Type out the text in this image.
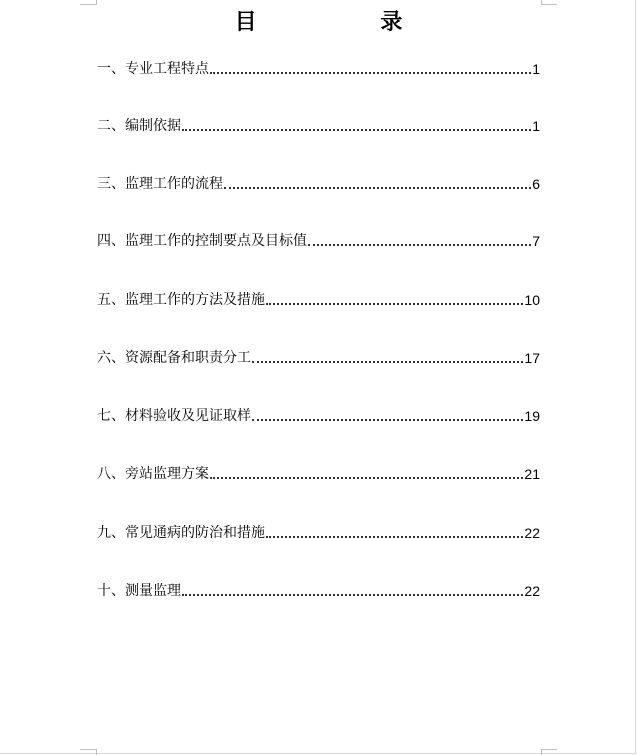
目 录
一、专业工程特点	1
二、编制依据	1
三、监理工作的流程	6
四、监理工作的控制要点及目标值	7
五、监理工作的方法及措施	10
六、资源配备和职责分工	17
七、材料验收及见证取样	19
八、旁站监理方案	21
九、常见通病的防治和措施	22
十、测量监理	22
